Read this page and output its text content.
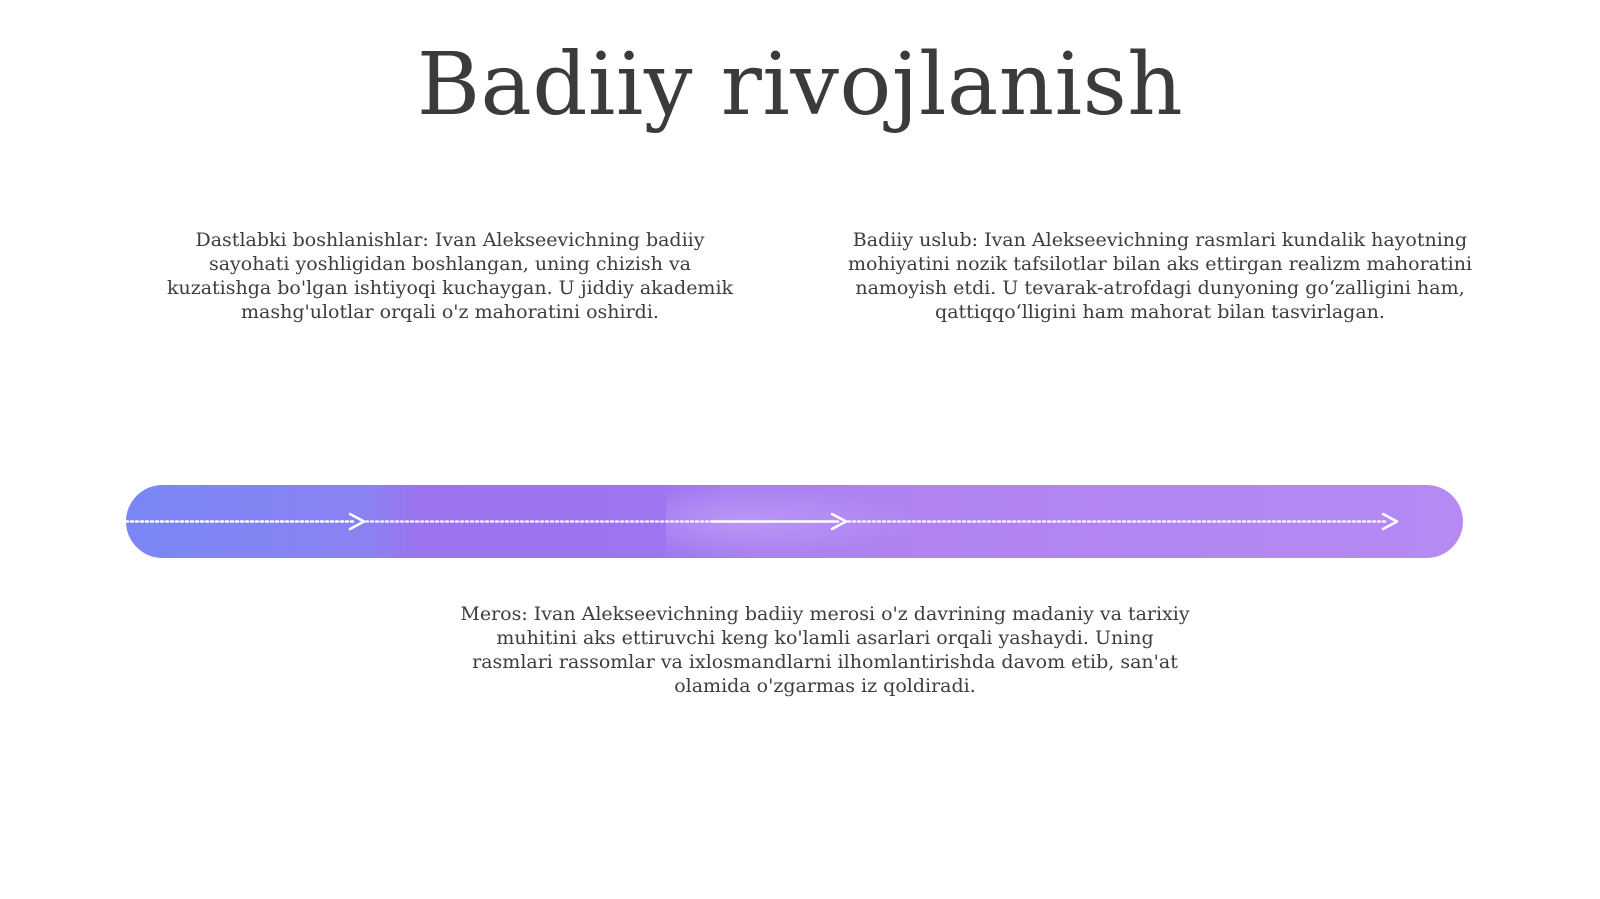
Badiiy rivojlanish

Dastlabki boshlanishlar: Ivan Alekseevichning badiiy sayohati yoshligidan boshlangan, uning chizish va kuzatishga bo'lgan ishtiyoqi kuchaygan. U jiddiy akademik mashg'ulotlar orqali o'z mahoratini oshirdi.

Badiiy uslub: Ivan Alekseevichning rasmlari kundalik hayotning mohiyatini nozik tafsilotlar bilan aks ettirgan realizm mahoratini namoyish etdi. U tevarak-atrofdagi dunyoning go‘zalligini ham, qattiqqo‘lligini ham mahorat bilan tasvirlagan.

Meros: Ivan Alekseevichning badiiy merosi o'z davrining madaniy va tarixiy muhitini aks ettiruvchi keng ko'lamli asarlari orqali yashaydi. Uning rasmlari rassomlar va ixlosmandlarni ilhomlantirishda davom etib, san'at olamida o'zgarmas iz qoldiradi.
